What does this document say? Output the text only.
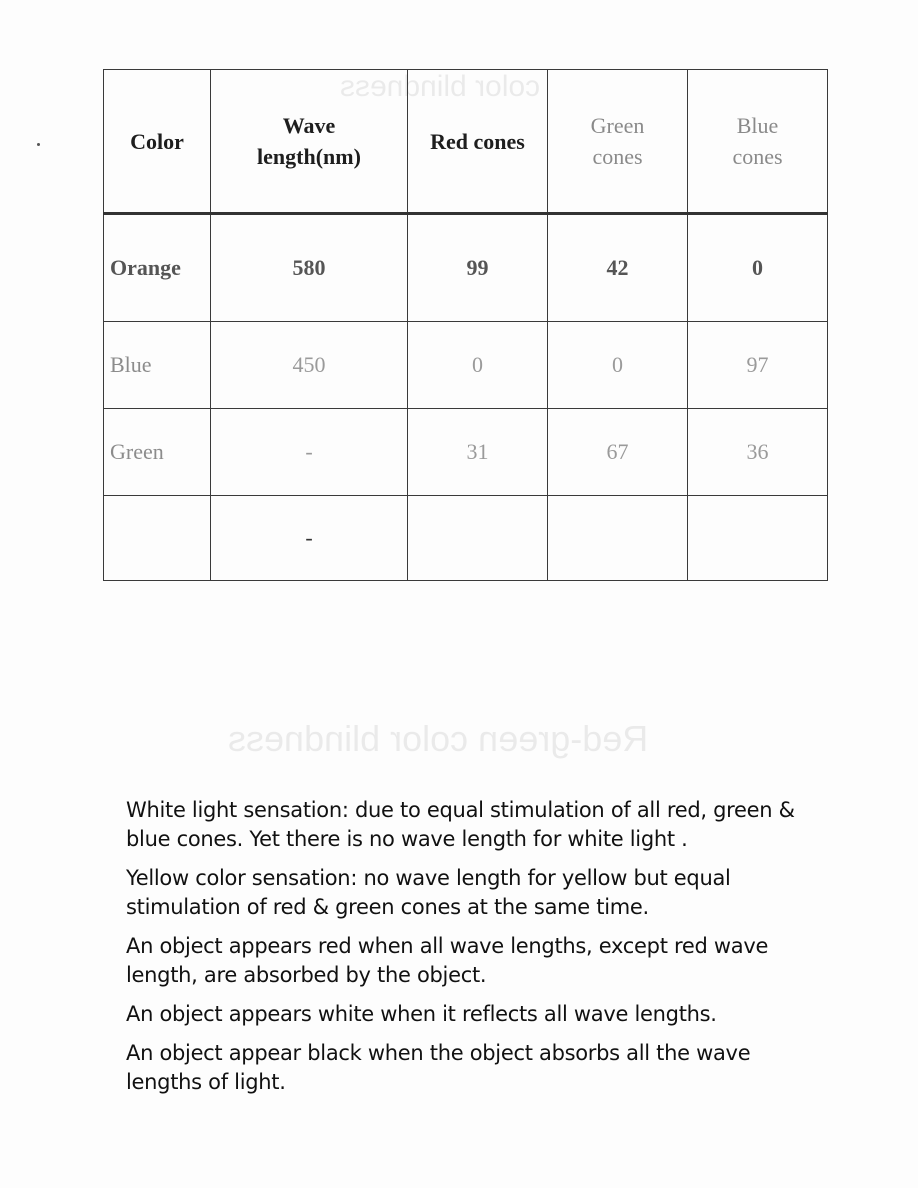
color blindness
Red-green color blindness
Color	Wave length(nm)	Red cones	Green cones	Blue cones
Orange	580	99	42	0
Blue	450	0	0	97
Green	-	31	67	36
	-			

White light sensation: due to equal stimulation of all red, green & blue cones. Yet there is no wave length for white light .

Yellow color sensation: no wave length for yellow but equal stimulation of red & green cones at the same time.

An object appears red when all wave lengths, except red wave length, are absorbed by the object.

An object appears white when it reflects all wave lengths.

An object appear black when the object absorbs all the wave lengths of light.
